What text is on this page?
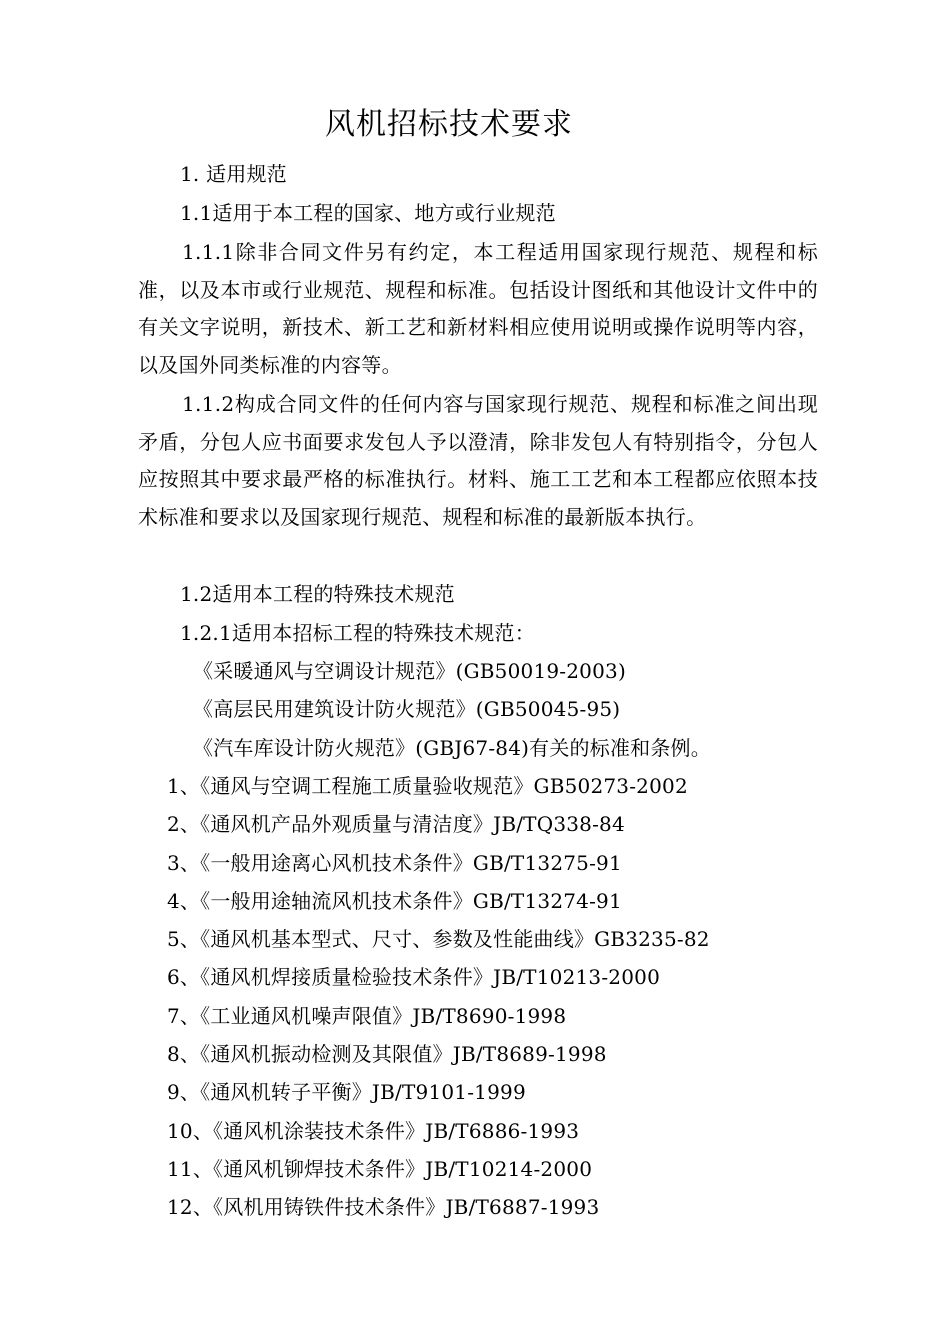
风机招标技术要求
1. 适用规范
1.1适用于本工程的国家、地方或行业规范
1.1.1除非合同文件另有约定，本工程适用国家现行规范、规程和标准，以及本市或行业规范、规程和标准。包括设计图纸和其他设计文件中的有关文字说明，新技术、新工艺和新材料相应使用说明或操作说明等内容，以及国外同类标准的内容等。
1.1.2构成合同文件的任何内容与国家现行规范、规程和标准之间出现矛盾，分包人应书面要求发包人予以澄清，除非发包人有特别指令，分包人应按照其中要求最严格的标准执行。材料、施工工艺和本工程都应依照本技术标准和要求以及国家现行规范、规程和标准的最新版本执行。
1.2适用本工程的特殊技术规范
1.2.1适用本招标工程的特殊技术规范：
《采暖通风与空调设计规范》(GB50019-2003)
《高层民用建筑设计防火规范》(GB50045-95)
《汽车库设计防火规范》(GBJ67-84)有关的标准和条例。
1、《通风与空调工程施工质量验收规范》GB50273-2002
2、《通风机产品外观质量与清洁度》JB/TQ338-84
3、《一般用途离心风机技术条件》GB/T13275-91
4、《一般用途轴流风机技术条件》GB/T13274-91
5、《通风机基本型式、尺寸、参数及性能曲线》GB3235-82
6、《通风机焊接质量检验技术条件》JB/T10213-2000
7、《工业通风机噪声限值》JB/T8690-1998
8、《通风机振动检测及其限值》JB/T8689-1998
9、《通风机转子平衡》JB/T9101-1999
10、《通风机涂装技术条件》JB/T6886-1993
11、《通风机铆焊技术条件》JB/T10214-2000
12、《风机用铸铁件技术条件》JB/T6887-1993
